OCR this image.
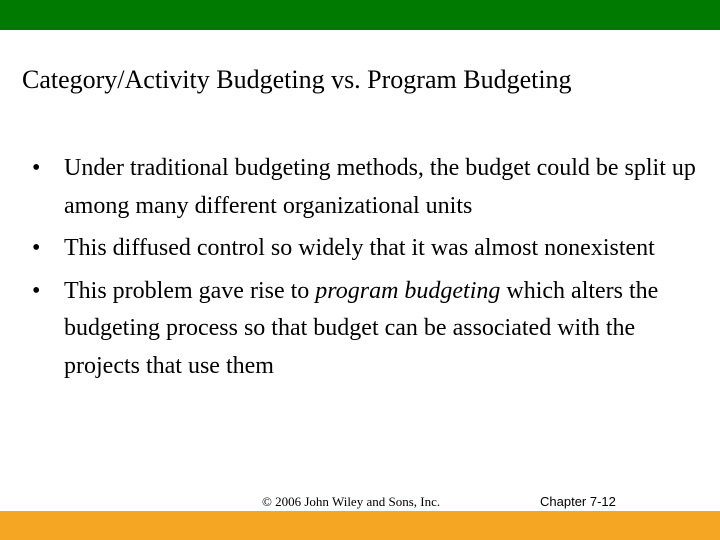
Category/Activity Budgeting vs. Program Budgeting
• Under traditional budgeting methods, the budget could be split up among many different organizational units
• This diffused control so widely that it was almost nonexistent
• This problem gave rise to program budgeting which alters the budgeting process so that budget can be associated with the projects that use them
© 2006 John Wiley and Sons, Inc.	Chapter 7-12
